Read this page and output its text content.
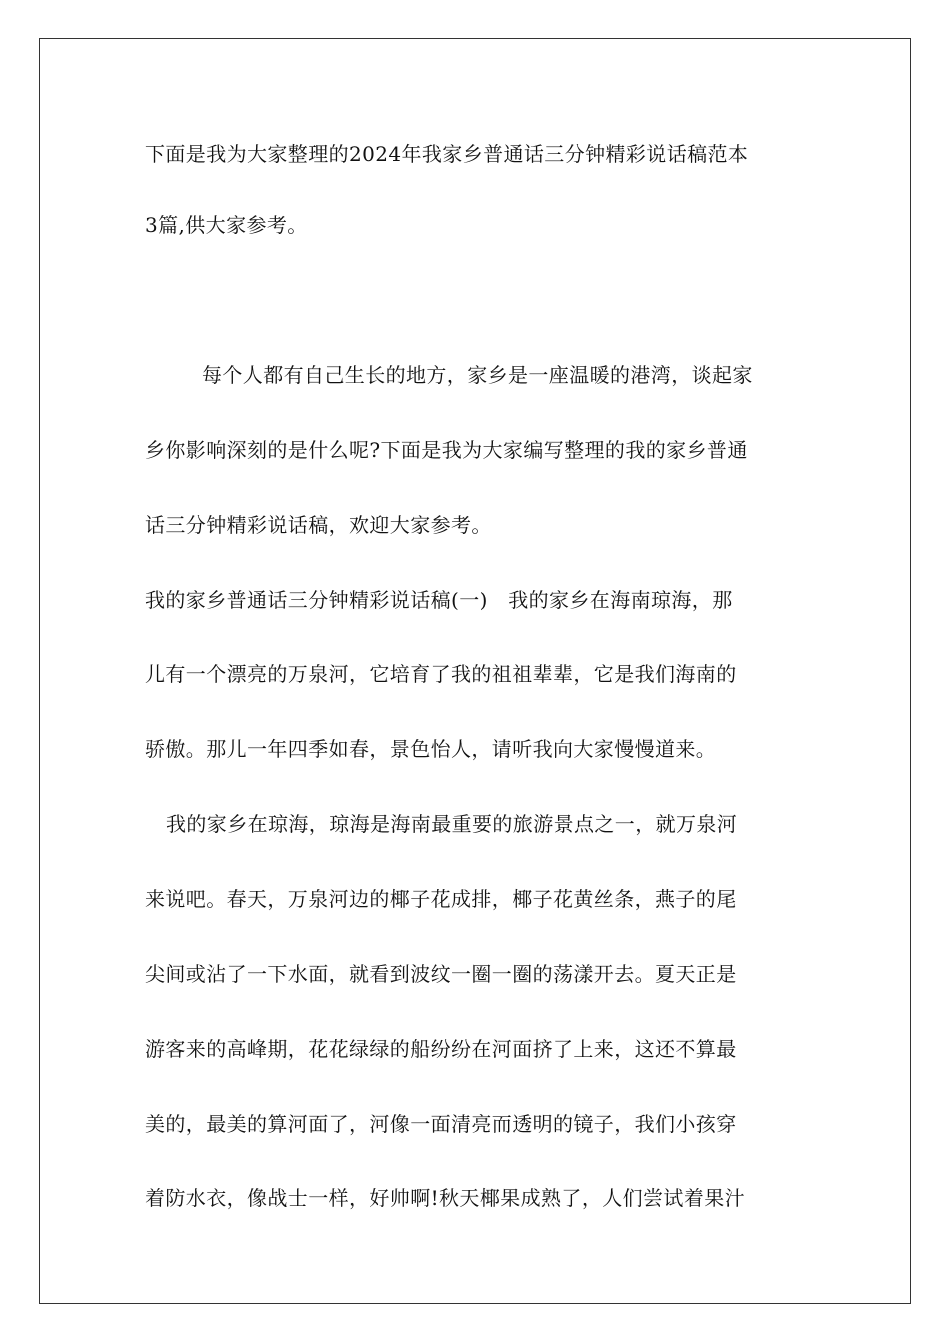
下面是我为大家整理的2024年我家乡普通话三分钟精彩说话稿范本
3篇,供大家参考。
每个人都有自己生长的地方，家乡是一座温暖的港湾，谈起家
乡你影响深刻的是什么呢?下面是我为大家编写整理的我的家乡普通
话三分钟精彩说话稿，欢迎大家参考。
我的家乡普通话三分钟精彩说话稿(一)　我的家乡在海南琼海，那
儿有一个漂亮的万泉河，它培育了我的祖祖辈辈，它是我们海南的
骄傲。那儿一年四季如春，景色怡人，请听我向大家慢慢道来。
我的家乡在琼海，琼海是海南最重要的旅游景点之一，就万泉河
来说吧。春天，万泉河边的椰子花成排，椰子花黄丝条，燕子的尾
尖间或沾了一下水面，就看到波纹一圈一圈的荡漾开去。夏天正是
游客来的高峰期，花花绿绿的船纷纷在河面挤了上来，这还不算最
美的，最美的算河面了，河像一面清亮而透明的镜子，我们小孩穿
着防水衣，像战士一样，好帅啊!秋天椰果成熟了，人们尝试着果汁
